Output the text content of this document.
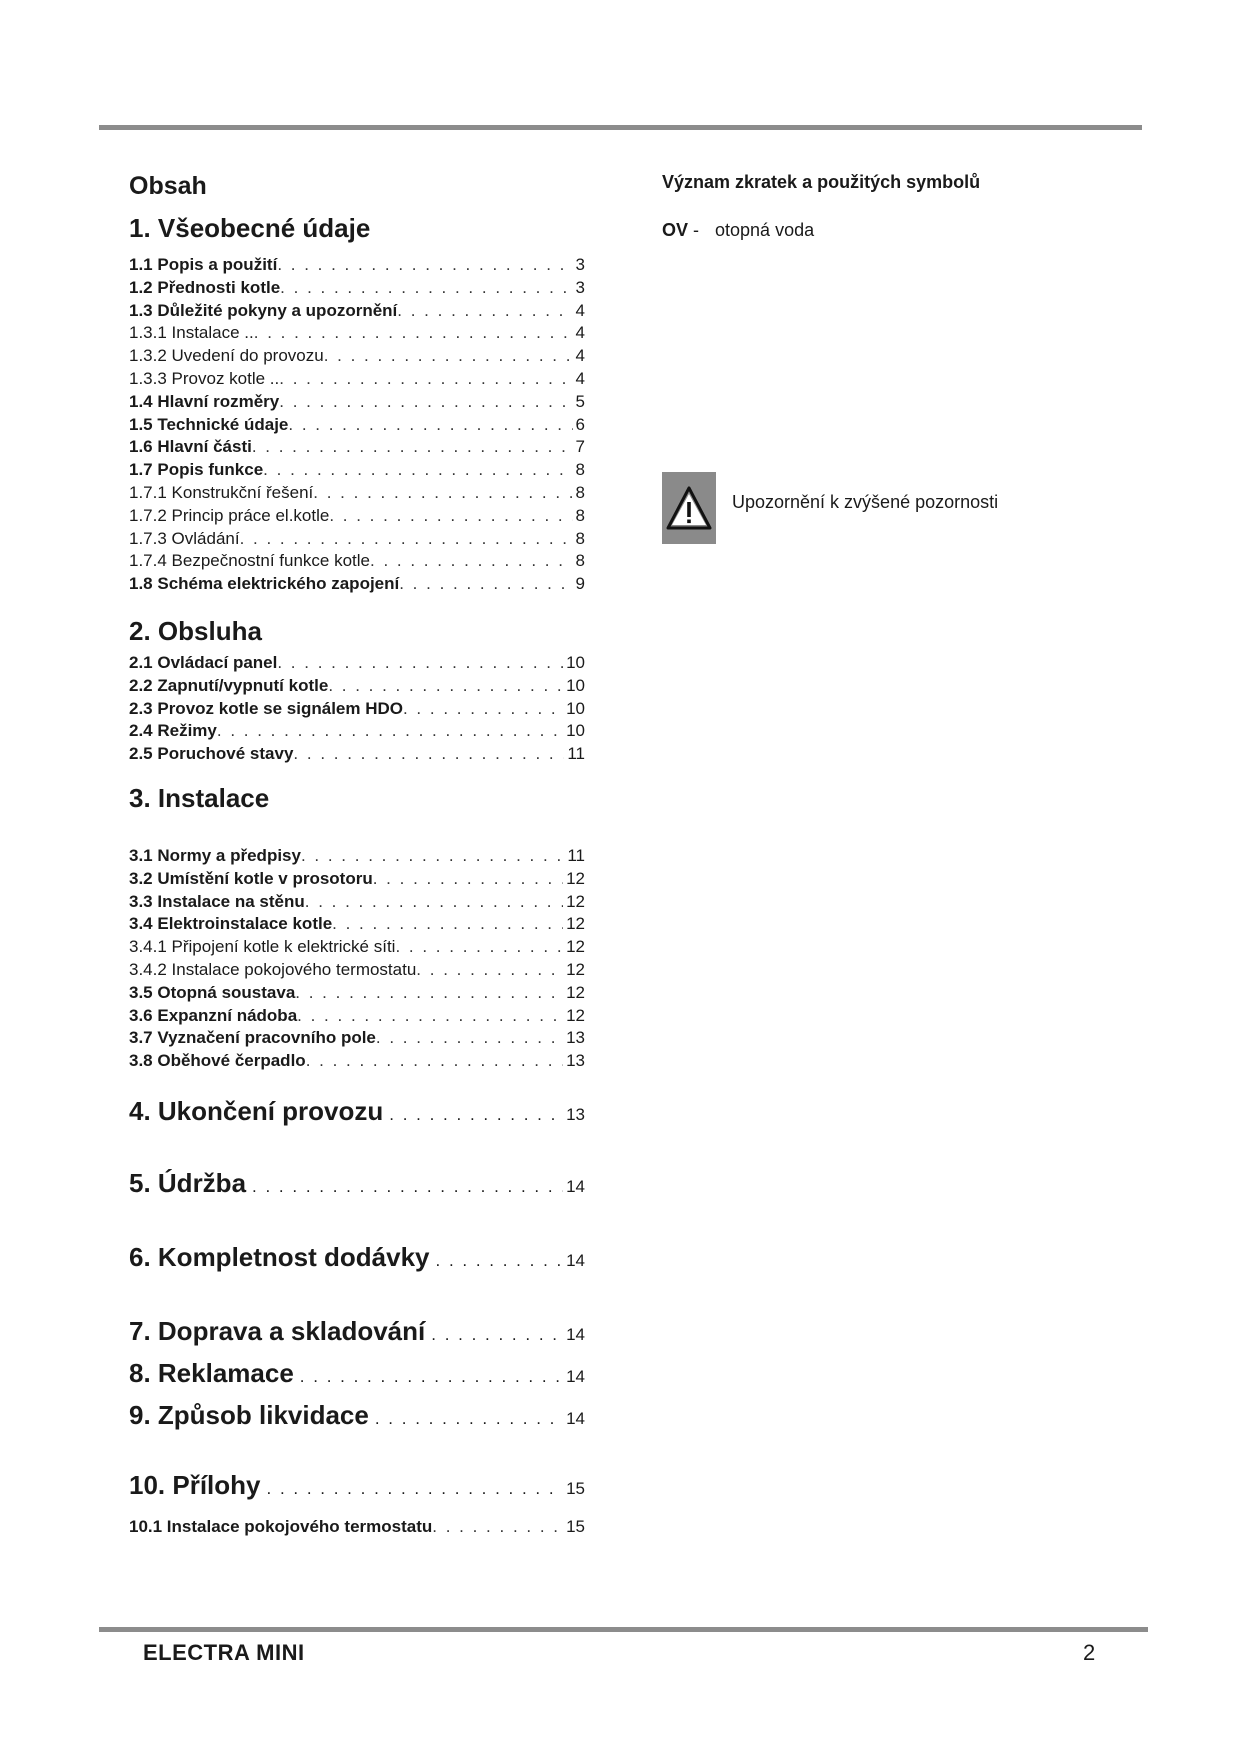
Obsah
1. Všeobecné údaje
1.1 Popis a použití . . .	3
1.2 Přednosti kotle . . .	3
1.3 Důležité pokyny a upozornění . . .	4
1.3.1 Instalace .. . . .	4
1.3.2 Uvedení do provozu . . .	4
1.3.3 Provoz kotle .. . . .	4
1.4 Hlavní rozměry . . .	5
1.5 Technické údaje . . .	6
1.6 Hlavní části . . .	7
1.7 Popis funkce . . .	8
1.7.1 Konstrukční řešení . . .	8
1.7.2 Princip práce el.kotle . . .	8
1.7.3 Ovládání . . .	8
1.7.4 Bezpečnostní funkce kotle . . .	8
1.8 Schéma elektrického zapojení . . .	9
2. Obsluha
2.1 Ovládací panel . . .	10
2.2 Zapnutí/vypnutí kotle . . .	10
2.3 Provoz kotle se signálem HDO . . .	10
2.4 Režimy . . .	10
2.5 Poruchové stavy . . .	11
3. Instalace
3.1 Normy a předpisy . . .	11
3.2 Umístění kotle v prosotoru . . .	12
3.3 Instalace na stěnu . . .	12
3.4 Elektroinstalace kotle . . .	12
3.4.1 Připojení kotle k elektrické síti . . .	12
3.4.2 Instalace pokojového termostatu . . .	12
3.5 Otopná soustava . . .	12
3.6 Expanzní nádoba . . .	12
3.7 Vyznačení pracovního pole . . .	13
3.8 Oběhové čerpadlo . . .	13
4. Ukončení provozu . . .	13
5. Údržba . . .	14
6. Kompletnost dodávky . . .	14
7. Doprava a skladování . . .	14
8. Reklamace . . .	14
9. Způsob likvidace . . .	14
10. Přílohy . . .	15
10.1 Instalace pokojového termostatu . . .	15
Význam zkratek a použitých symbolů
OV - otopná voda
Upozornění k zvýšené pozornosti
ELECTRA MINI	2
